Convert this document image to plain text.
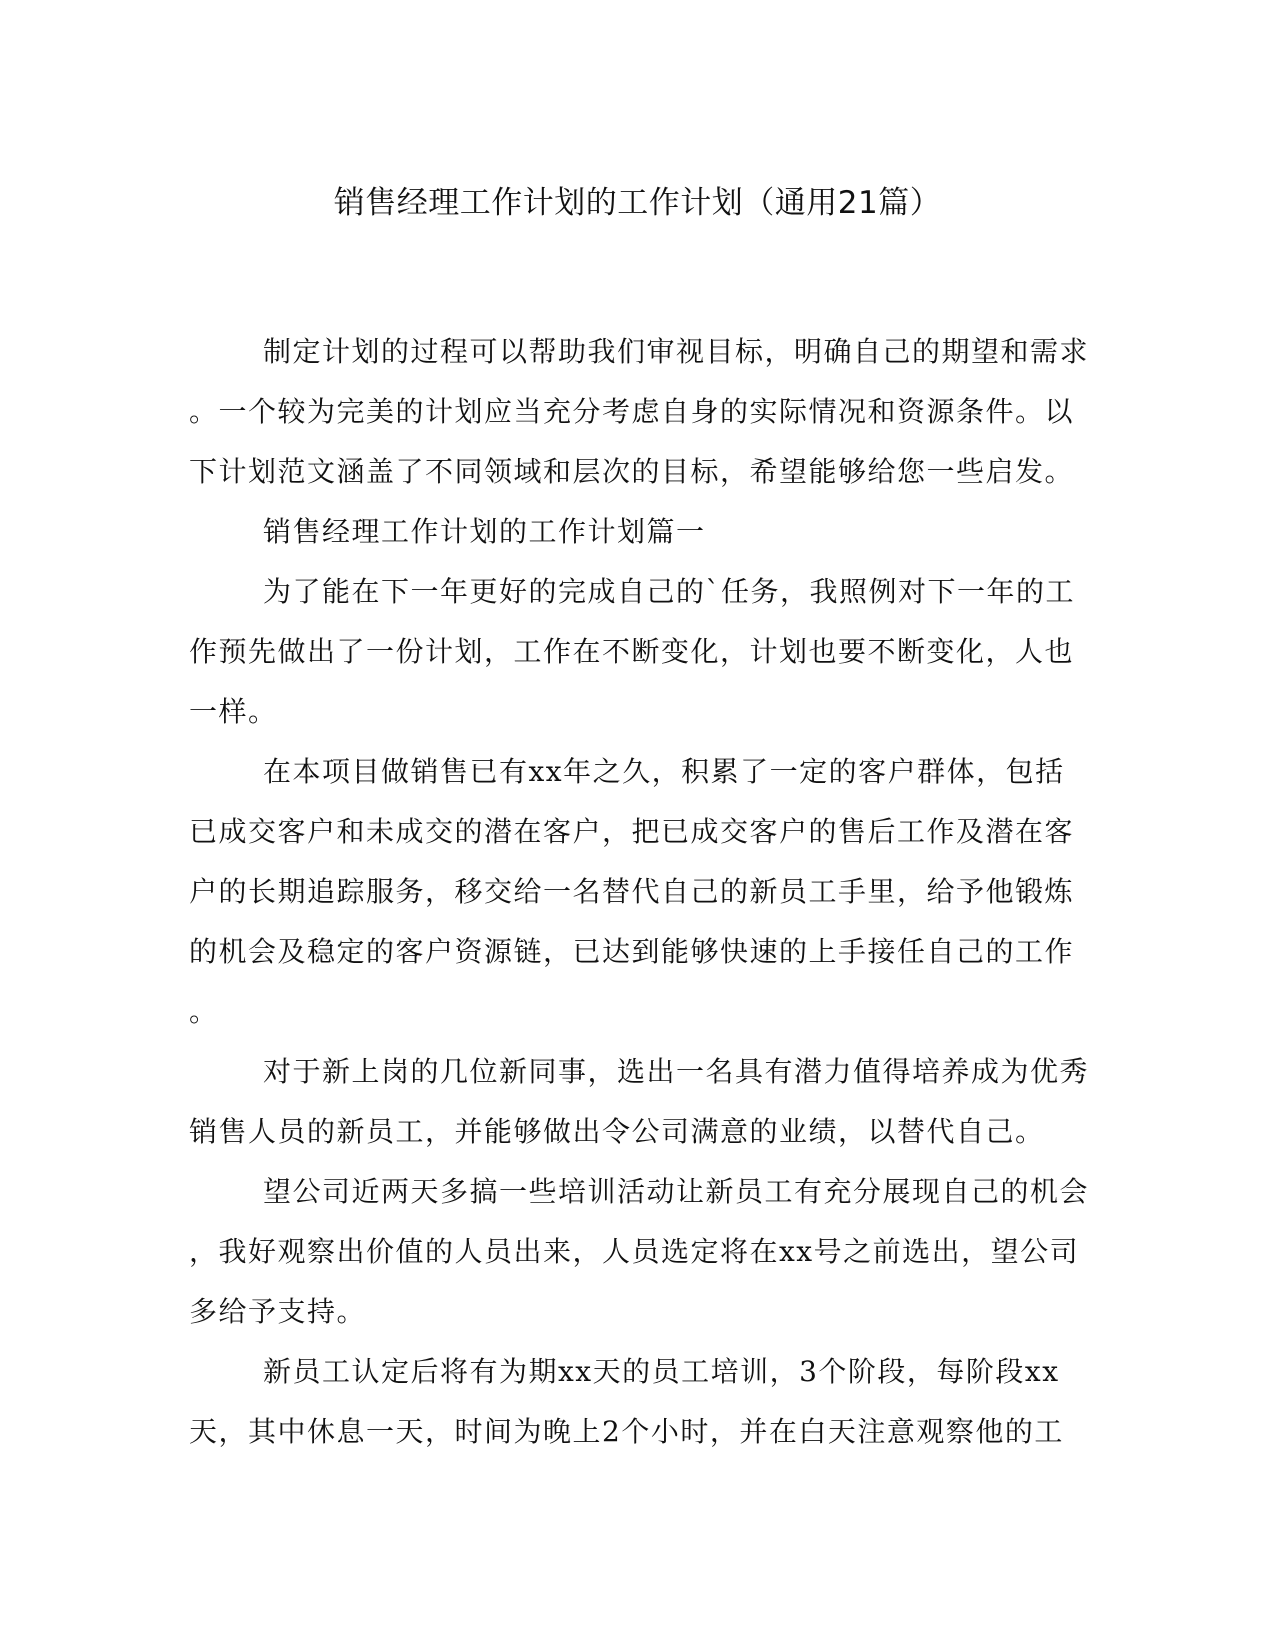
销售经理工作计划的工作计划（通用21篇）
制定计划的过程可以帮助我们审视目标，明确自己的期望和需求
。一个较为完美的计划应当充分考虑自身的实际情况和资源条件。以
下计划范文涵盖了不同领域和层次的目标，希望能够给您一些启发。
销售经理工作计划的工作计划篇一
为了能在下一年更好的完成自己的`任务，我照例对下一年的工
作预先做出了一份计划，工作在不断变化，计划也要不断变化，人也
一样。
在本项目做销售已有xx年之久，积累了一定的客户群体，包括
已成交客户和未成交的潜在客户，把已成交客户的售后工作及潜在客
户的长期追踪服务，移交给一名替代自己的新员工手里，给予他锻炼
的机会及稳定的客户资源链，已达到能够快速的上手接任自己的工作
。
对于新上岗的几位新同事，选出一名具有潜力值得培养成为优秀
销售人员的新员工，并能够做出令公司满意的业绩，以替代自己。
望公司近两天多搞一些培训活动让新员工有充分展现自己的机会
，我好观察出价值的人员出来，人员选定将在xx号之前选出，望公司
多给予支持。
新员工认定后将有为期xx天的员工培训，3个阶段，每阶段xx
天，其中休息一天，时间为晚上2个小时，并在白天注意观察他的工
